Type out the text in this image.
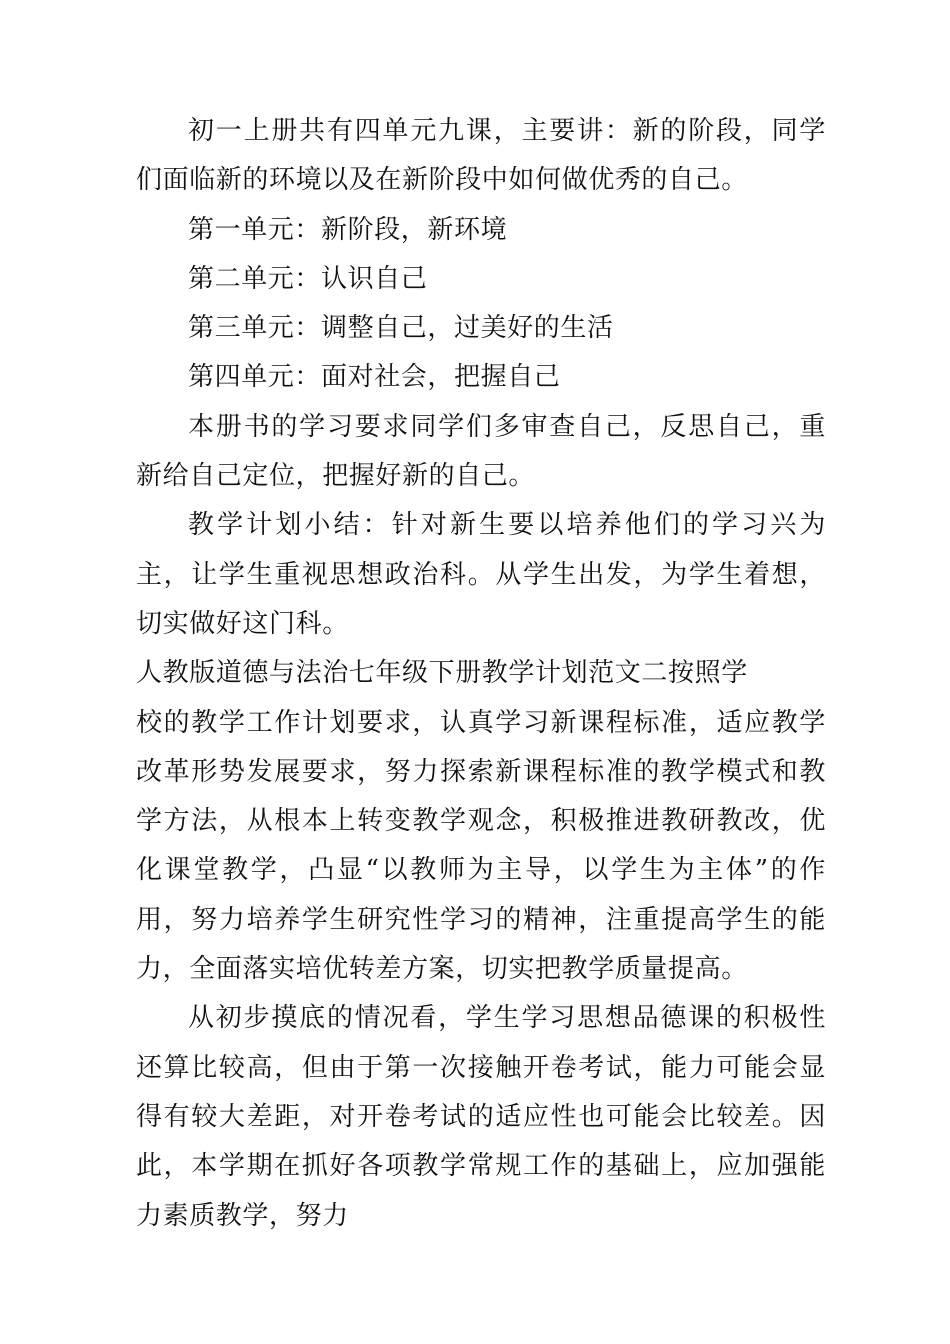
初一上册共有四单元九课，主要讲：新的阶段，同学们面临新的环境以及在新阶段中如何做优秀的自己。

第一单元：新阶段，新环境

第二单元：认识自己

第三单元：调整自己，过美好的生活

第四单元：面对社会，把握自己

本册书的学习要求同学们多审查自己，反思自己，重新给自己定位，把握好新的自己。

教学计划小结：针对新生要以培养他们的学习兴为主，让学生重视思想政治科。从学生出发，为学生着想，切实做好这门科。

人教版道德与法治七年级下册教学计划范文二按照学

校的教学工作计划要求，认真学习新课程标准，适应教学改革形势发展要求，努力探索新课程标准的教学模式和教学方法，从根本上转变教学观念，积极推进教研教改，优化课堂教学，凸显“以教师为主导，以学生为主体”的作用，努力培养学生研究性学习的精神，注重提高学生的能力，全面落实培优转差方案，切实把教学质量提高。

从初步摸底的情况看，学生学习思想品德课的积极性还算比较高，但由于第一次接触开卷考试，能力可能会显得有较大差距，对开卷考试的适应性也可能会比较差。因此，本学期在抓好各项教学常规工作的基础上，应加强能力素质教学，努力
